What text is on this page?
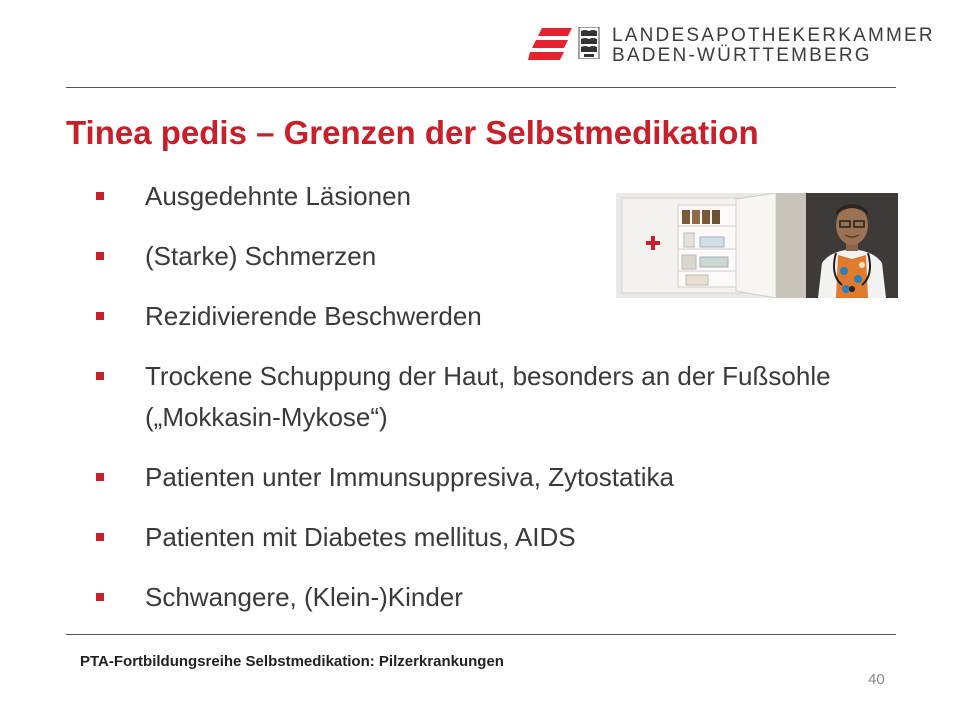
LANDESAPOTHEKERKAMMER
BADEN-WÜRTTEMBERG
Tinea pedis – Grenzen der Selbstmedikation
Ausgedehnte Läsionen
(Starke) Schmerzen
Rezidivierende Beschwerden
Trockene Schuppung der Haut, besonders an der Fußsohle („Mokkasin-Mykose“)
Patienten unter Immunsuppresiva, Zytostatika
Patienten mit Diabetes mellitus, AIDS
Schwangere, (Klein-)Kinder
PTA-Fortbildungsreihe Selbstmedikation: Pilzerkrankungen
40
